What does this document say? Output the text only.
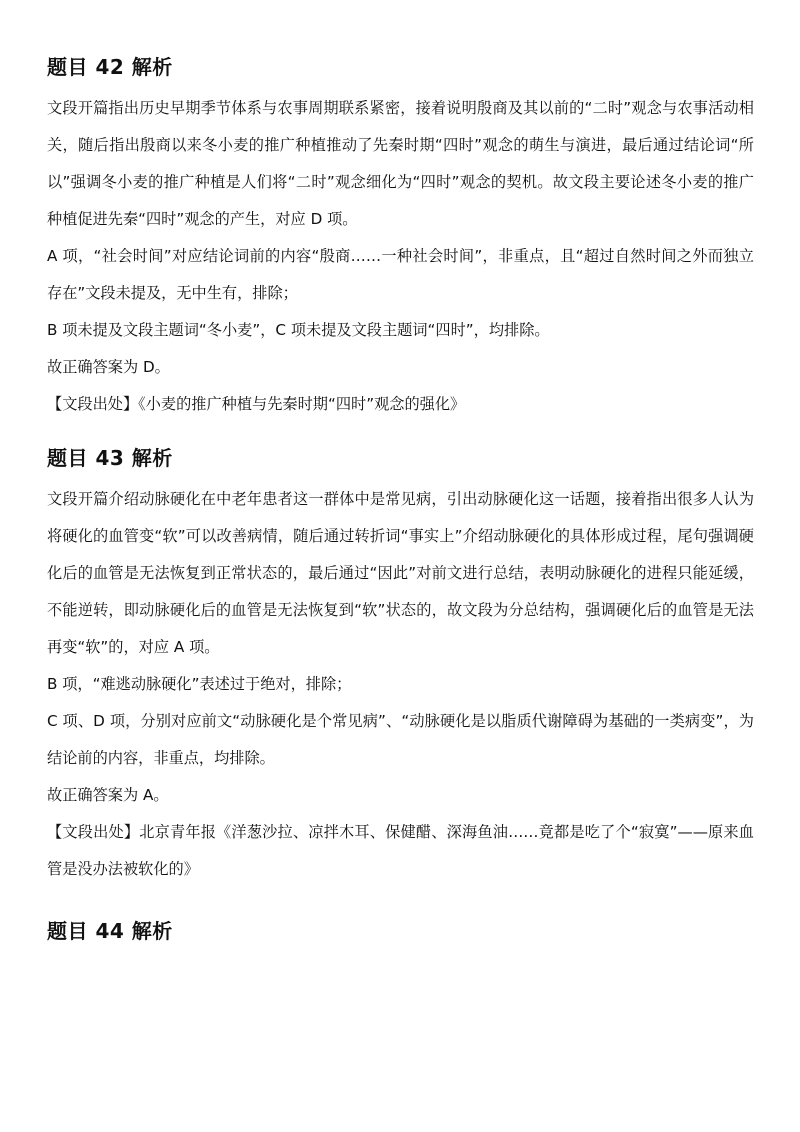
题目 42 解析

文段开篇指出历史早期季节体系与农事周期联系紧密，接着说明殷商及其以前的“二时”观念与农事活动相关，随后指出殷商以来冬小麦的推广种植推动了先秦时期“四时”观念的萌生与演进，最后通过结论词“所以”强调冬小麦的推广种植是人们将“二时”观念细化为“四时”观念的契机。故文段主要论述冬小麦的推广种植促进先秦“四时”观念的产生，对应 D 项。

A 项，“社会时间”对应结论词前的内容“殷商……一种社会时间”，非重点，且“超过自然时间之外而独立存在”文段未提及，无中生有，排除；

B 项未提及文段主题词“冬小麦”，C 项未提及文段主题词“四时”，均排除。

故正确答案为 D。

【文段出处】《小麦的推广种植与先秦时期“四时”观念的强化》

题目 43 解析

文段开篇介绍动脉硬化在中老年患者这一群体中是常见病，引出动脉硬化这一话题，接着指出很多人认为将硬化的血管变“软”可以改善病情，随后通过转折词“事实上”介绍动脉硬化的具体形成过程，尾句强调硬化后的血管是无法恢复到正常状态的，最后通过“因此”对前文进行总结，表明动脉硬化的进程只能延缓，不能逆转，即动脉硬化后的血管是无法恢复到“软”状态的，故文段为分总结构，强调硬化后的血管是无法再变“软”的，对应 A 项。

B 项，“难逃动脉硬化”表述过于绝对，排除；

C 项、D 项，分别对应前文“动脉硬化是个常见病”、“动脉硬化是以脂质代谢障碍为基础的一类病变”，为结论前的内容，非重点，均排除。

故正确答案为 A。

【文段出处】北京青年报《洋葱沙拉、凉拌木耳、保健醋、深海鱼油……竟都是吃了个“寂寞”——原来血管是没办法被软化的》

题目 44 解析
